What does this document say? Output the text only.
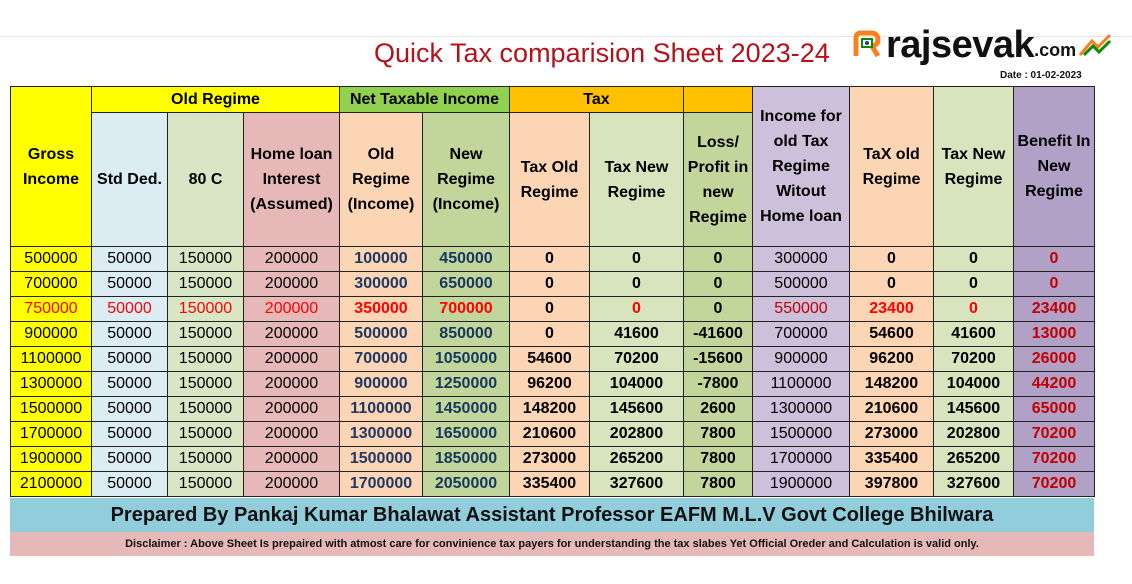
Quick Tax comparision Sheet 2023-24 rajsevak .com
Date : 01-02-2023
Gross Income	Old Regime			Net Taxable Income		Tax			Income for old Tax Regime Witout Home loan	TaX old Regime	Tax New Regime	Benefit In New Regime
	Std Ded.	80 C	Home loan Interest (Assumed)	Old Regime (Income)	New Regime (Income)	Tax Old Regime	Tax New Regime	Loss/ Profit in new Regime				
500000	50000	150000	200000	100000	450000	0	0	0	300000	0	0	0
700000	50000	150000	200000	300000	650000	0	0	0	500000	0	0	0
750000	50000	150000	200000	350000	700000	0	0	0	550000	23400	0	23400
900000	50000	150000	200000	500000	850000	0	41600	-41600	700000	54600	41600	13000
1100000	50000	150000	200000	700000	1050000	54600	70200	-15600	900000	96200	70200	26000
1300000	50000	150000	200000	900000	1250000	96200	104000	-7800	1100000	148200	104000	44200
1500000	50000	150000	200000	1100000	1450000	148200	145600	2600	1300000	210600	145600	65000
1700000	50000	150000	200000	1300000	1650000	210600	202800	7800	1500000	273000	202800	70200
1900000	50000	150000	200000	1500000	1850000	273000	265200	7800	1700000	335400	265200	70200
2100000	50000	150000	200000	1700000	2050000	335400	327600	7800	1900000	397800	327600	70200
Prepared By Pankaj Kumar Bhalawat Assistant Professor EAFM M.L.V Govt College Bhilwara
Disclaimer : Above Sheet Is prepaired with atmost care for convinience tax payers for understanding the tax slabes Yet Official Oreder and Calculation is valid only.
